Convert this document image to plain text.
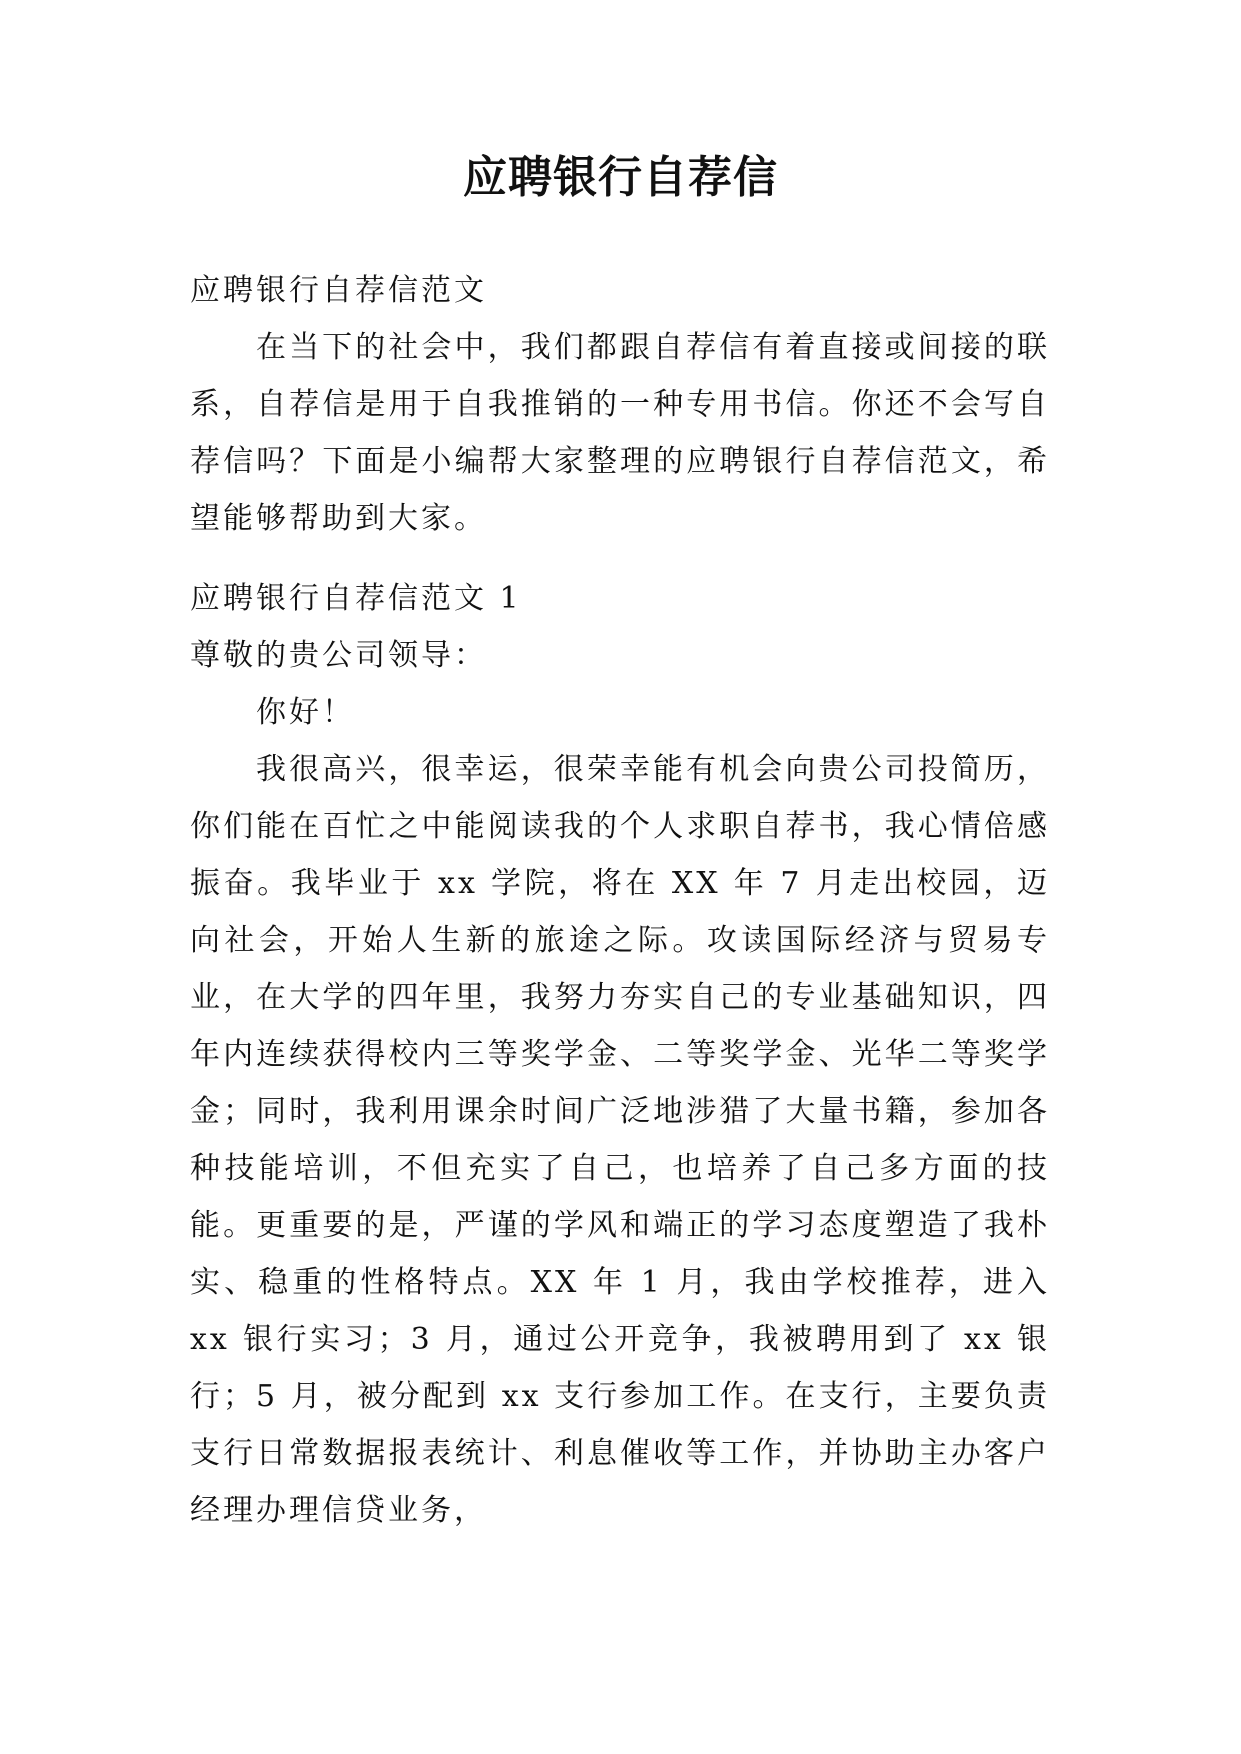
应聘银行自荐信

应聘银行自荐信范文

在当下的社会中，我们都跟自荐信有着直接或间接的联系，自荐信是用于自我推销的一种专用书信。你还不会写自荐信吗？下面是小编帮大家整理的应聘银行自荐信范文，希望能够帮助到大家。

应聘银行自荐信范文 1

尊敬的贵公司领导：

你好！

我很高兴，很幸运，很荣幸能有机会向贵公司投简历，你们能在百忙之中能阅读我的个人求职自荐书，我心情倍感振奋。我毕业于 xx 学院，将在 XX 年 7 月走出校园，迈向社会，开始人生新的旅途之际。攻读国际经济与贸易专业，在大学的四年里，我努力夯实自己的专业基础知识，四年内连续获得校内三等奖学金、二等奖学金、光华二等奖学金；同时，我利用课余时间广泛地涉猎了大量书籍，参加各种技能培训，不但充实了自己，也培养了自己多方面的技能。更重要的是，严谨的学风和端正的学习态度塑造了我朴实、稳重的性格特点。XX 年 1 月，我由学校推荐，进入 xx 银行实习；3 月，通过公开竞争，我被聘用到了 xx 银行；5 月，被分配到 xx 支行参加工作。在支行，主要负责支行日常数据报表统计、利息催收等工作，并协助主办客户经理办理信贷业务，
